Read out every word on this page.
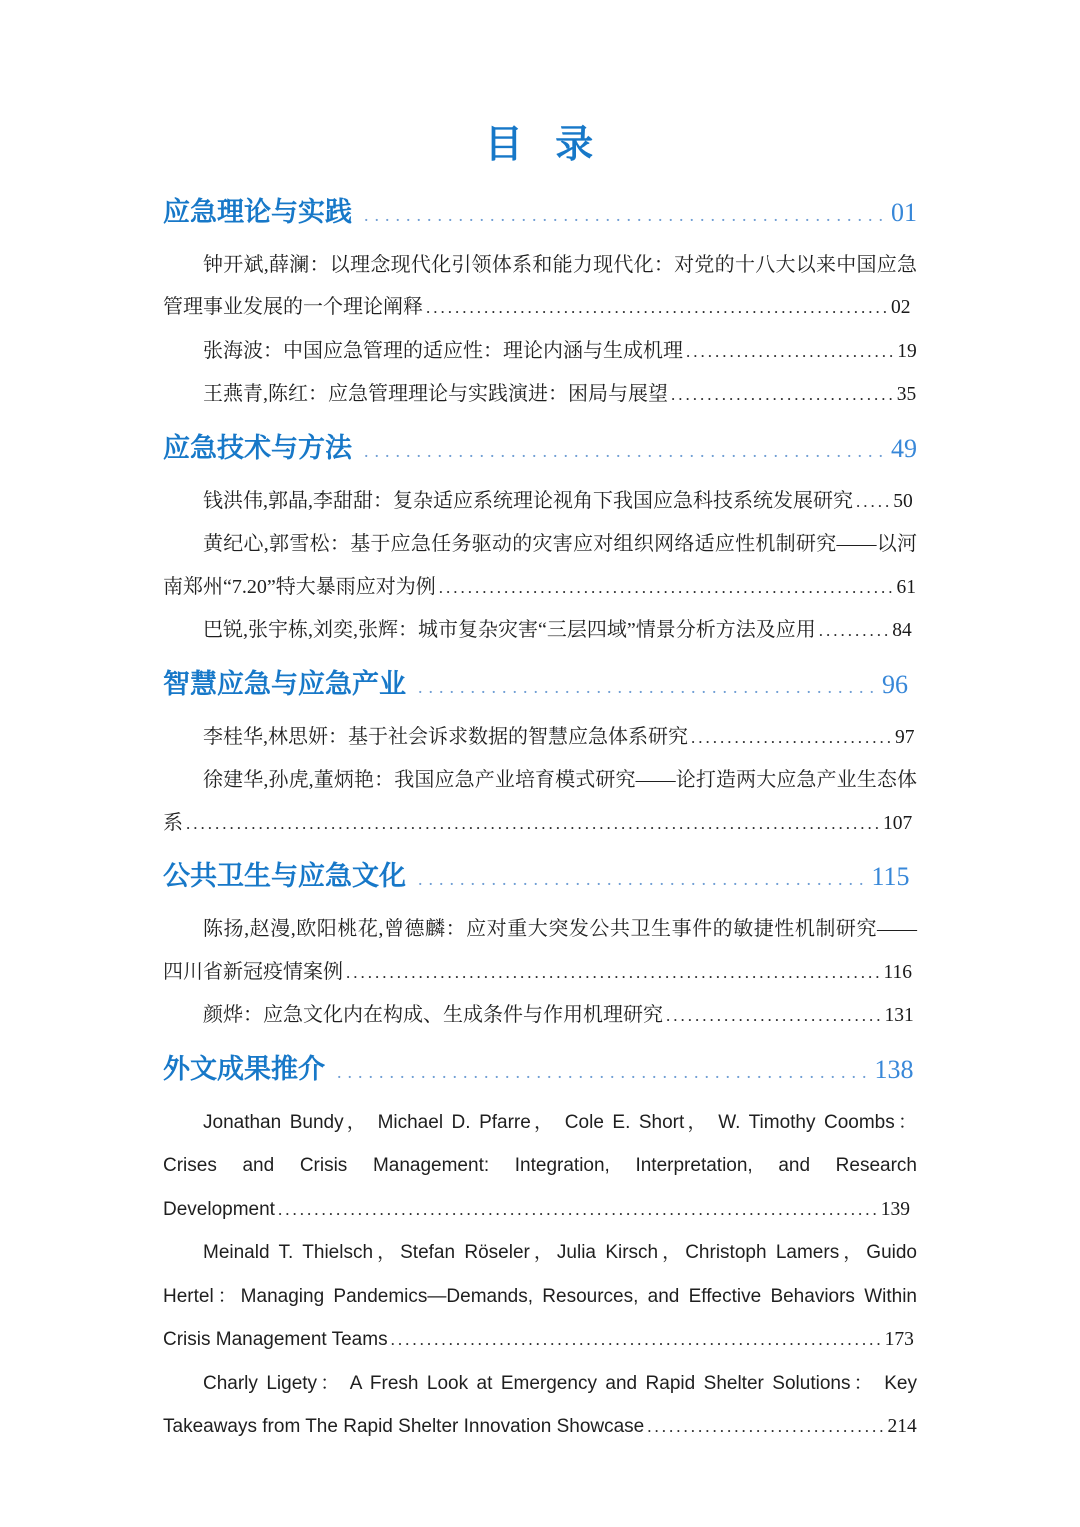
目 录
应急理论与实践 ..................................................01

钟开斌,薛澜：以理念现代化引领体系和能力现代化：对党的十八大以来中国应急管理事业发展的一个理论阐释 ................................................................02

张海波：中国应急管理的适应性：理论内涵与生成机理 .............................19

王燕青,陈红：应急管理理论与实践演进：困局与展望 ...............................35

应急技术与方法 ..................................................49

钱洪伟,郭晶,李甜甜：复杂适应系统理论视角下我国应急科技系统发展研究 .....50

黄纪心,郭雪松：基于应急任务驱动的灾害应对组织网络适应性机制研究——以河南郑州“7.20”特大暴雨应对为例 ...............................................................61

巴锐,张宇栋,刘奕,张辉：城市复杂灾害“三层四域”情景分析方法及应用 ..........84

智慧应急与应急产业 ............................................96

李桂华,林思妍：基于社会诉求数据的智慧应急体系研究 ............................97

徐建华,孙虎,董炳艳：我国应急产业培育模式研究——论打造两大应急产业生态体系 ................................................................................................107

公共卫生与应急文化 ...........................................115

陈扬,赵漫,欧阳桃花,曾德麟：应对重大突发公共卫生事件的敏捷性机制研究——四川省新冠疫情案例 ..........................................................................116

颜烨：应急文化内在构成、生成条件与作用机理研究 ..............................131

外文成果推介 ...................................................138

Jonathan Bundy， Michael D. Pfarre， Cole E. Short， W. Timothy Coombs： Crises and Crisis Management: Integration, Interpretation, and Research Development ...................................................................................139

Meinald T. Thielsch，Stefan Röseler，Julia Kirsch，Christoph Lamers，Guido Hertel：Managing Pandemics—Demands, Resources, and Effective Behaviors Within Crisis Management Teams ....................................................................173

Charly Ligety： A Fresh Look at Emergency and Rapid Shelter Solutions： Key Takeaways from The Rapid Shelter Innovation Showcase .................................214
